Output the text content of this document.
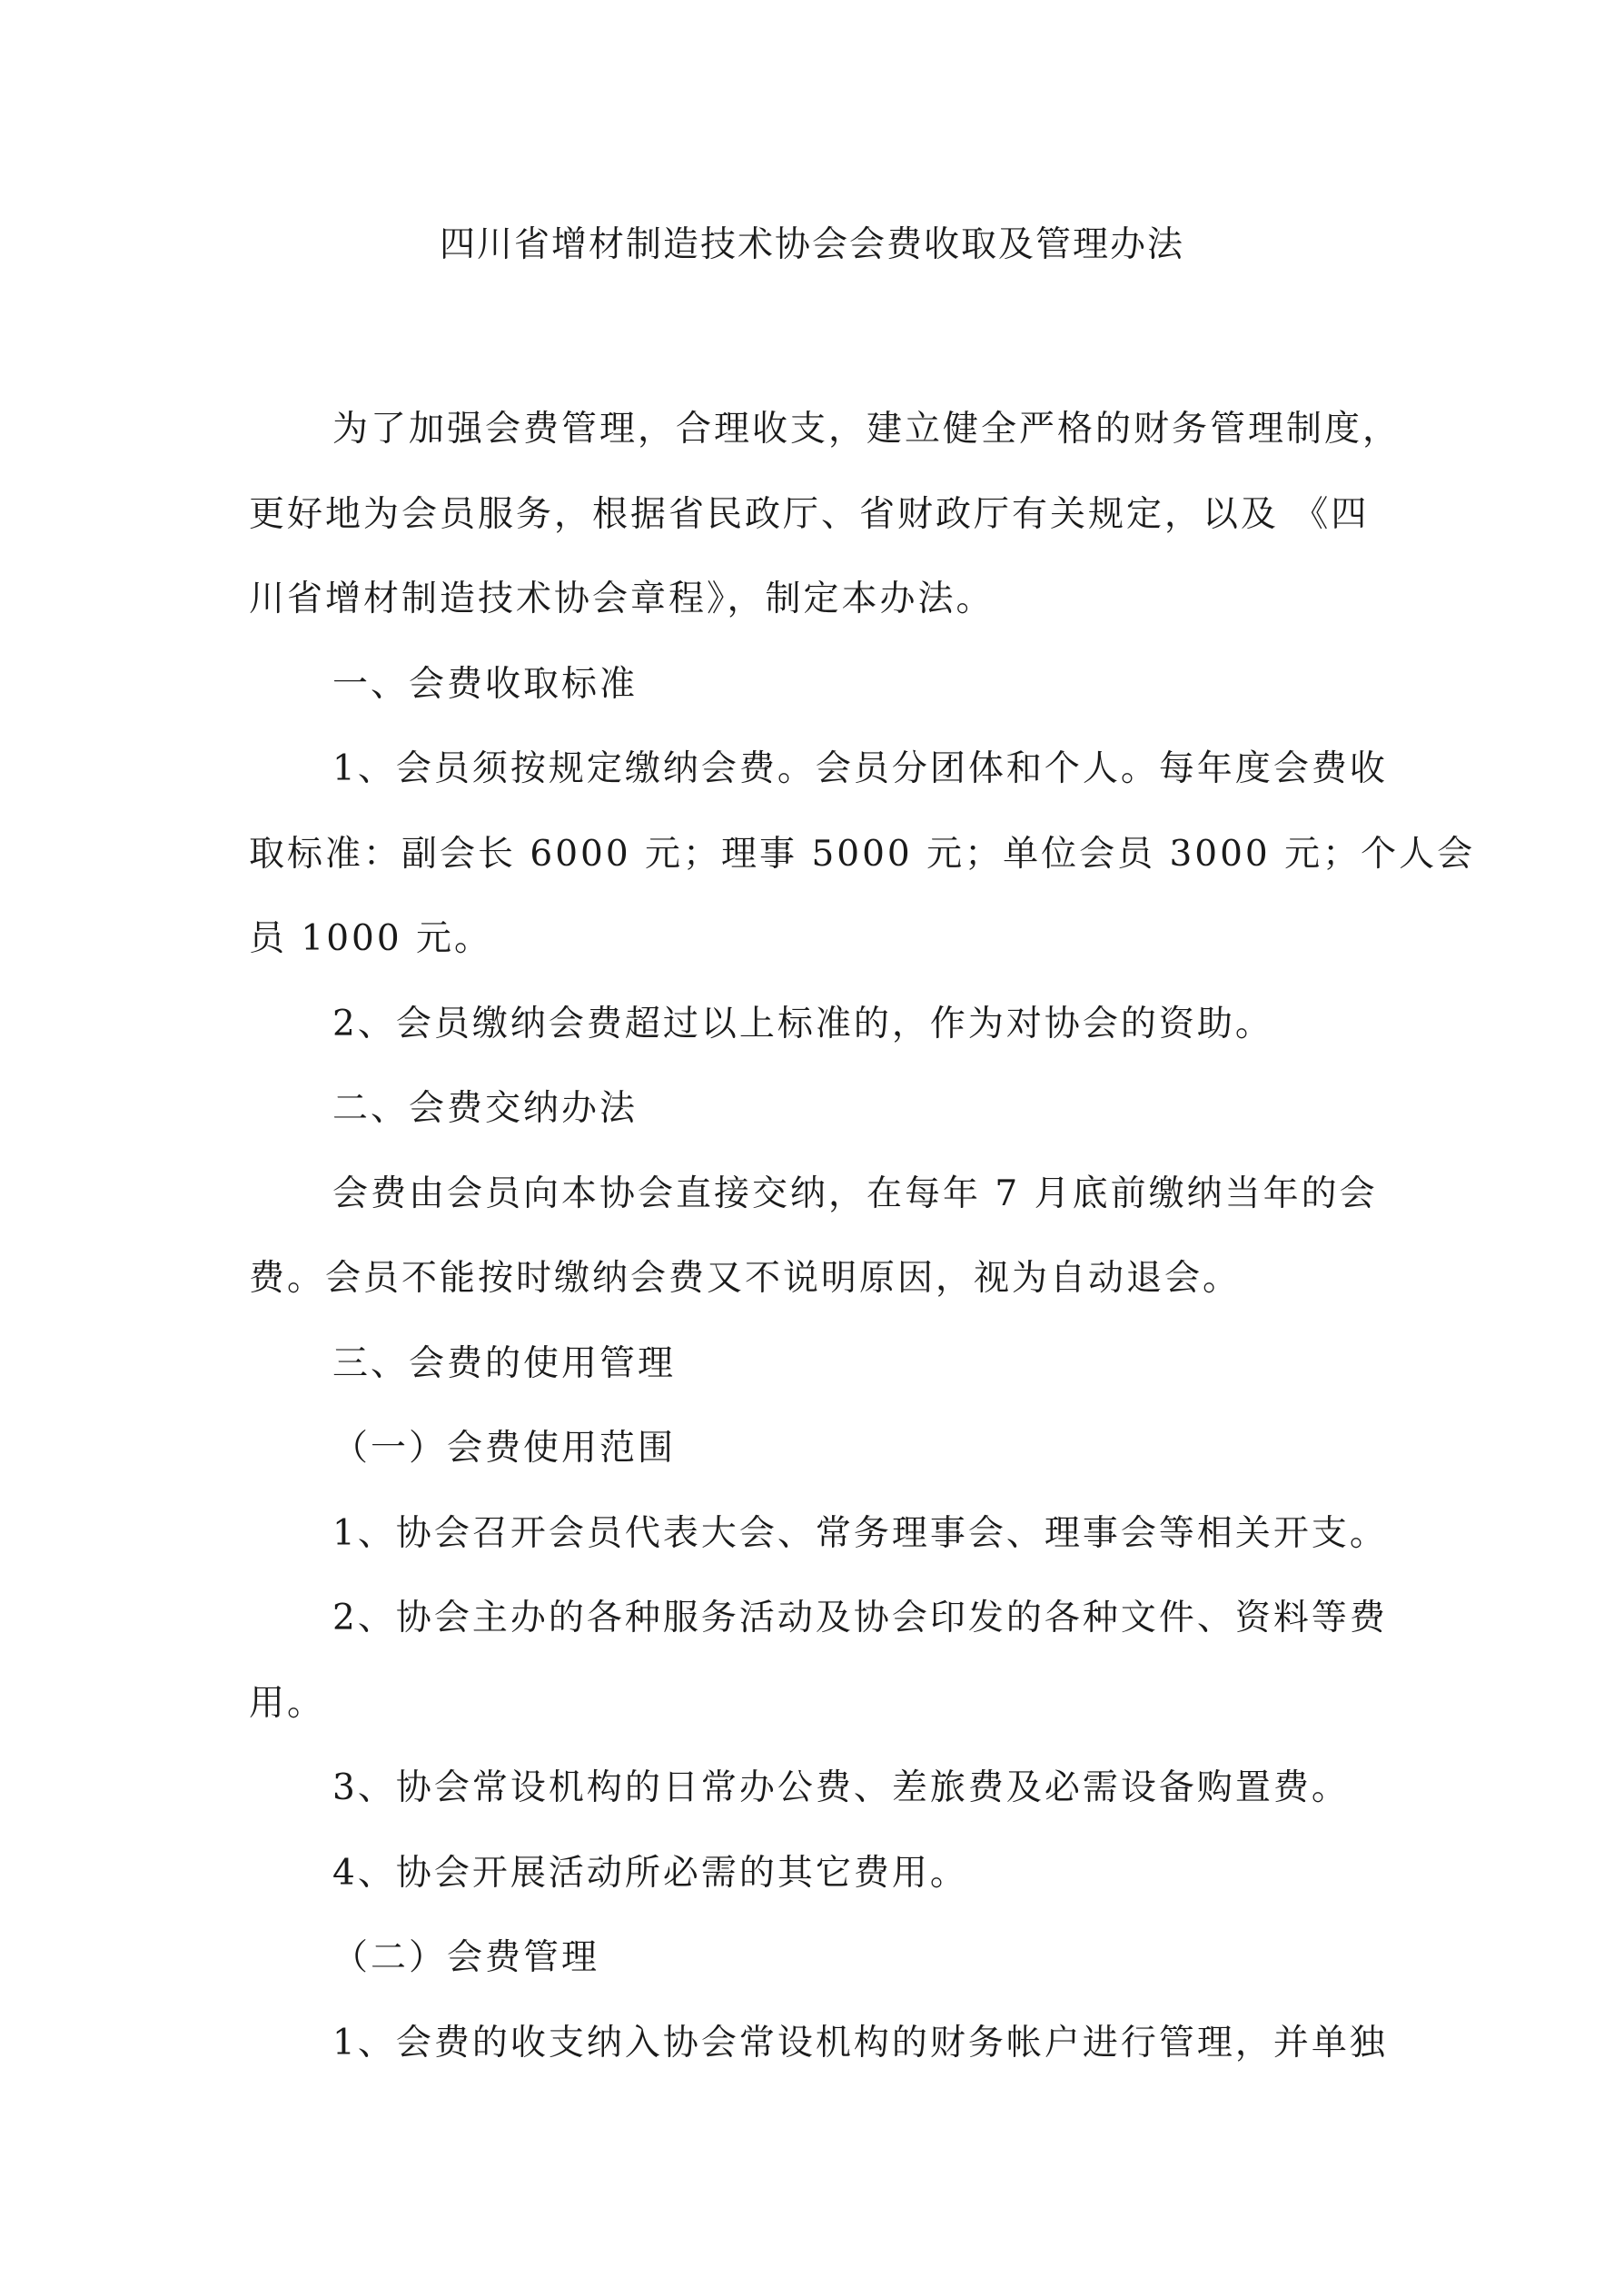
四川省增材制造技术协会会费收取及管理办法

为了加强会费管理，合理收支，建立健全严格的财务管理制度，
更好地为会员服务，根据省民政厅、省财政厅有关规定，以及 《四
川省增材制造技术协会章程》，制定本办法。

一、会费收取标准

1、会员须按规定缴纳会费。会员分团体和个人。每年度会费收
取标准：副会长 6000 元；理事 5000 元；单位会员 3000 元；个人会
员 1000 元。

2、会员缴纳会费超过以上标准的，作为对协会的资助。

二、会费交纳办法

会费由会员向本协会直接交纳，在每年 7 月底前缴纳当年的会
费。会员不能按时缴纳会费又不说明原因，视为自动退会。

三、会费的使用管理

（一）会费使用范围

1、协会召开会员代表大会、常务理事会、理事会等相关开支。

2、协会主办的各种服务活动及协会印发的各种文件、资料等费
用。

3、协会常设机构的日常办公费、差旅费及必需设备购置费。

4、协会开展活动所必需的其它费用。

（二）会费管理

1、会费的收支纳入协会常设机构的财务帐户进行管理，并单独
